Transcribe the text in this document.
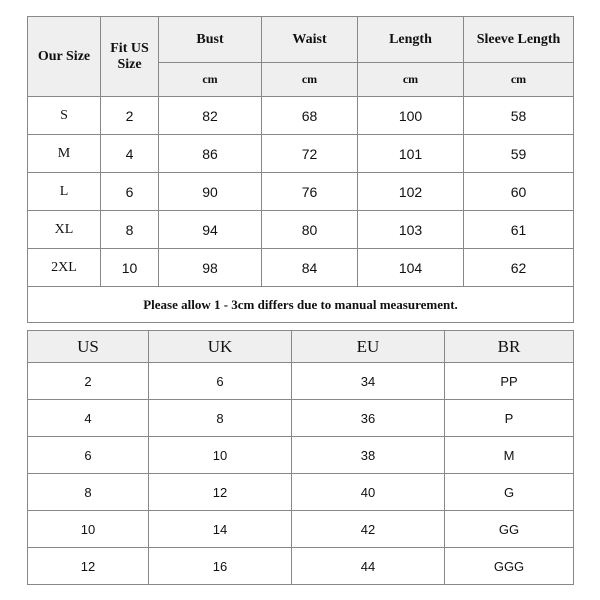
Our Size	Fit US Size	Bust	Waist	Length	Sleeve Length
		cm	cm	cm	cm
S	2	82	68	100	58
M	4	86	72	101	59
L	6	90	76	102	60
XL	8	94	80	103	61
2XL	10	98	84	104	62
Please allow 1 - 3cm differs due to manual measurement.					
US	UK	EU	BR
2	6	34	PP
4	8	36	P
6	10	38	M
8	12	40	G
10	14	42	GG
12	16	44	GGG
